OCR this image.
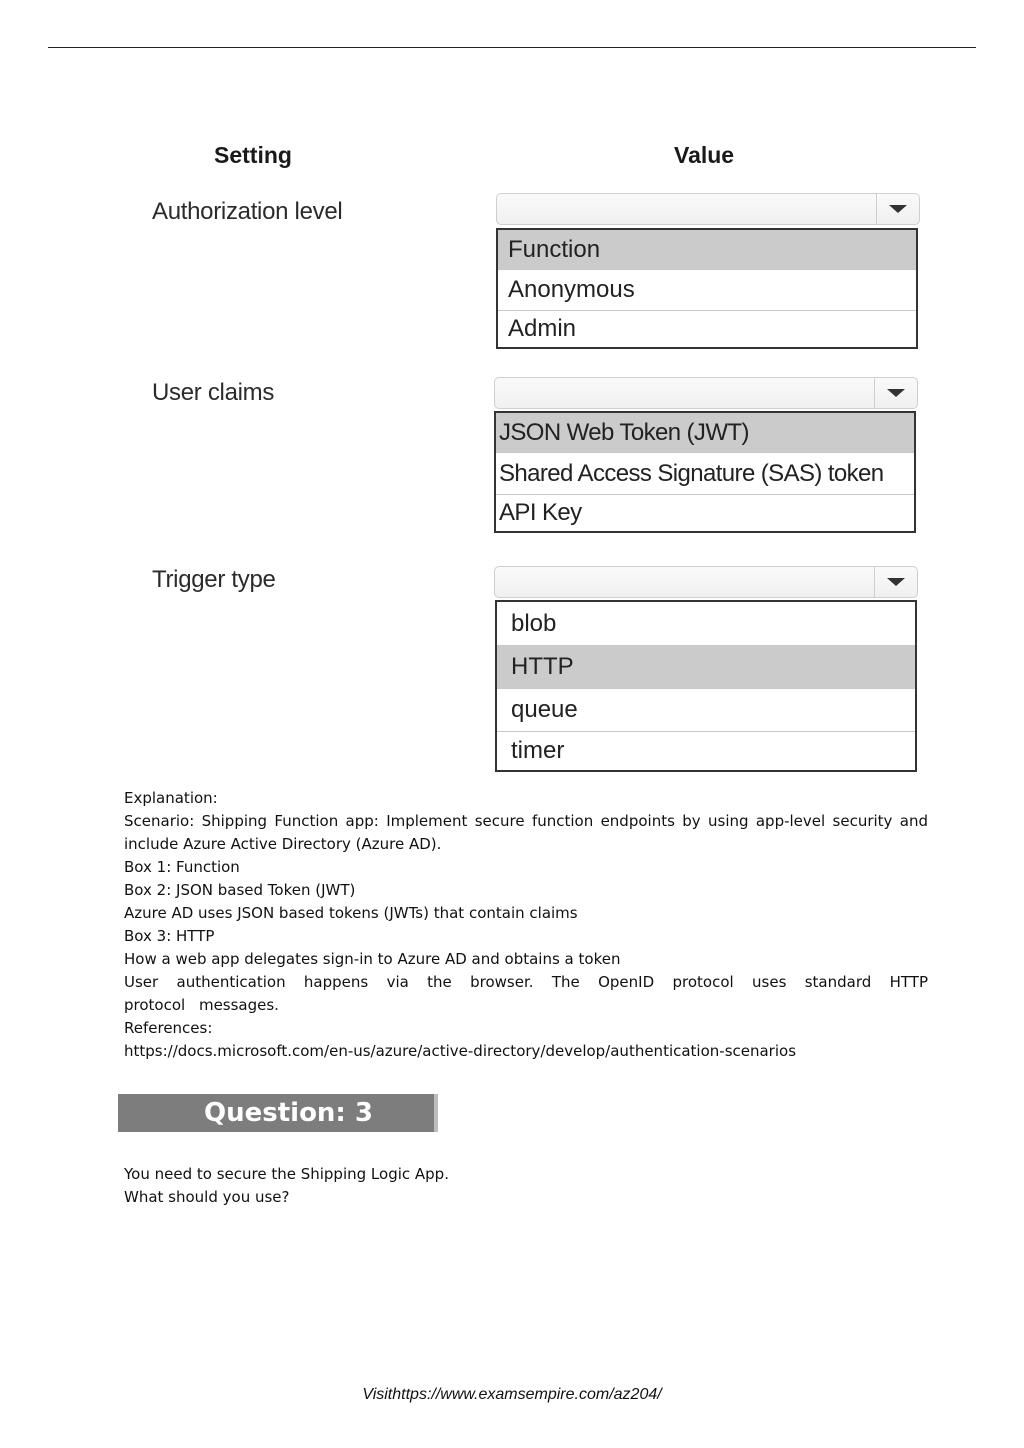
Setting	Value
Authorization level
Function
Anonymous
Admin
User claims
JSON Web Token (JWT)
Shared Access Signature (SAS) token
API Key
Trigger type
blob
HTTP
queue
timer

Explanation:

Scenario: Shipping Function app: Implement secure function endpoints by using app-level security and include Azure Active Directory (Azure AD).

Box 1: Function

Box 2: JSON based Token (JWT)

Azure AD uses JSON based tokens (JWTs) that contain claims

Box 3: HTTP

How a web app delegates sign-in to Azure AD and obtains a token

User authentication happens via the browser. The OpenID protocol uses standard HTTP protocol messages.

References:

https://docs.microsoft.com/en-us/azure/active-directory/develop/authentication-scenarios

Question: 3

You need to secure the Shipping Logic App.

What should you use?

Visithttps://www.examsempire.com/az204/
